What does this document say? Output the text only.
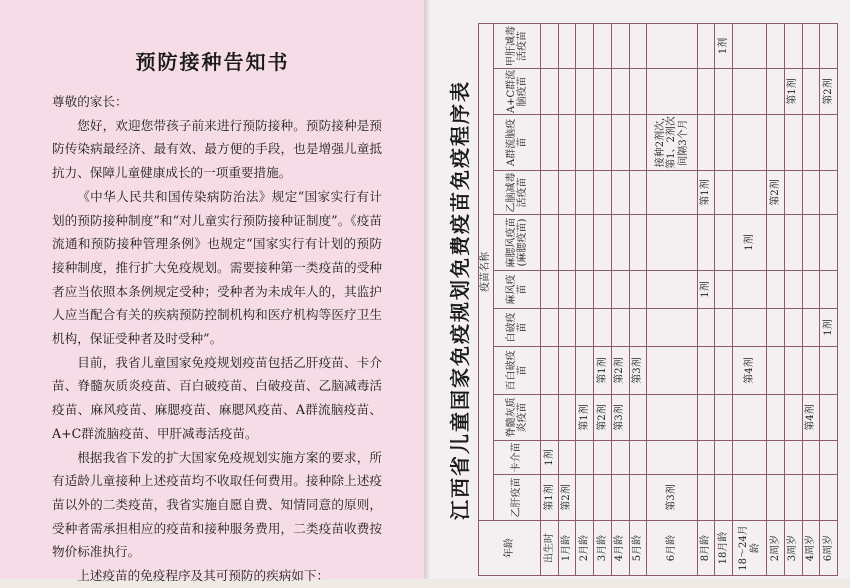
预防接种告知书

尊敬的家长：

您好，欢迎您带孩子前来进行预防接种。预防接种是预防传染病最经济、最有效、最方便的手段，也是增强儿童抵抗力、保障儿童健康成长的一项重要措施。

《中华人民共和国传染病防治法》规定“国家实行有计划的预防接种制度”和“对儿童实行预防接种证制度”。《疫苗流通和预防接种管理条例》也规定“国家实行有计划的预防接种制度，推行扩大免疫规划。需要接种第一类疫苗的受种者应当依照本条例规定受种；受种者为未成年人的，其监护人应当配合有关的疾病预防控制机构和医疗机构等医疗卫生机构，保证受种者及时受种”。

目前，我省儿童国家免疫规划疫苗包括乙肝疫苗、卡介苗、脊髓灰质炎疫苗、百白破疫苗、白破疫苗、乙脑减毒活疫苗、麻风疫苗、麻腮疫苗、麻腮风疫苗、A群流脑疫苗、A+C群流脑疫苗、甲肝减毒活疫苗。

根据我省下发的扩大国家免疫规划实施方案的要求，所有适龄儿童接种上述疫苗均不收取任何费用。接种除上述疫苗以外的二类疫苗，我省实施自愿自费、知情同意的原则，受种者需承担相应的疫苗和接种服务费用，二类疫苗收费按物价标准执行。

上述疫苗的免疫程序及其可预防的疾病如下：

江西省儿童国家免疫规划免费疫苗免疫程序表
年龄	疫苗名称										
	乙肝疫苗	卡介苗	脊髓灰质炎疫苗	百白破疫苗	白破疫苗	麻风疫苗	麻腮风疫苗(麻腮疫苗)	乙脑减毒活疫苗	A群流脑疫苗	A+C群流脑疫苗	甲肝减毒活疫苗
出生时	第1剂	1剂									
1月龄	第2剂										
2月龄			第1剂								
3月龄			第2剂	第1剂							
4月龄			第3剂	第2剂							
5月龄				第3剂							
6月龄	第3剂								接种2剂次,第1、2剂次间隔3个月		
8月龄						1剂		第1剂			
18月龄											1剂
18～24月龄				第4剂			1剂				
2周岁								第2剂			
3周岁										第1剂	
4周岁			第4剂								
6周岁					1剂					第2剂	
